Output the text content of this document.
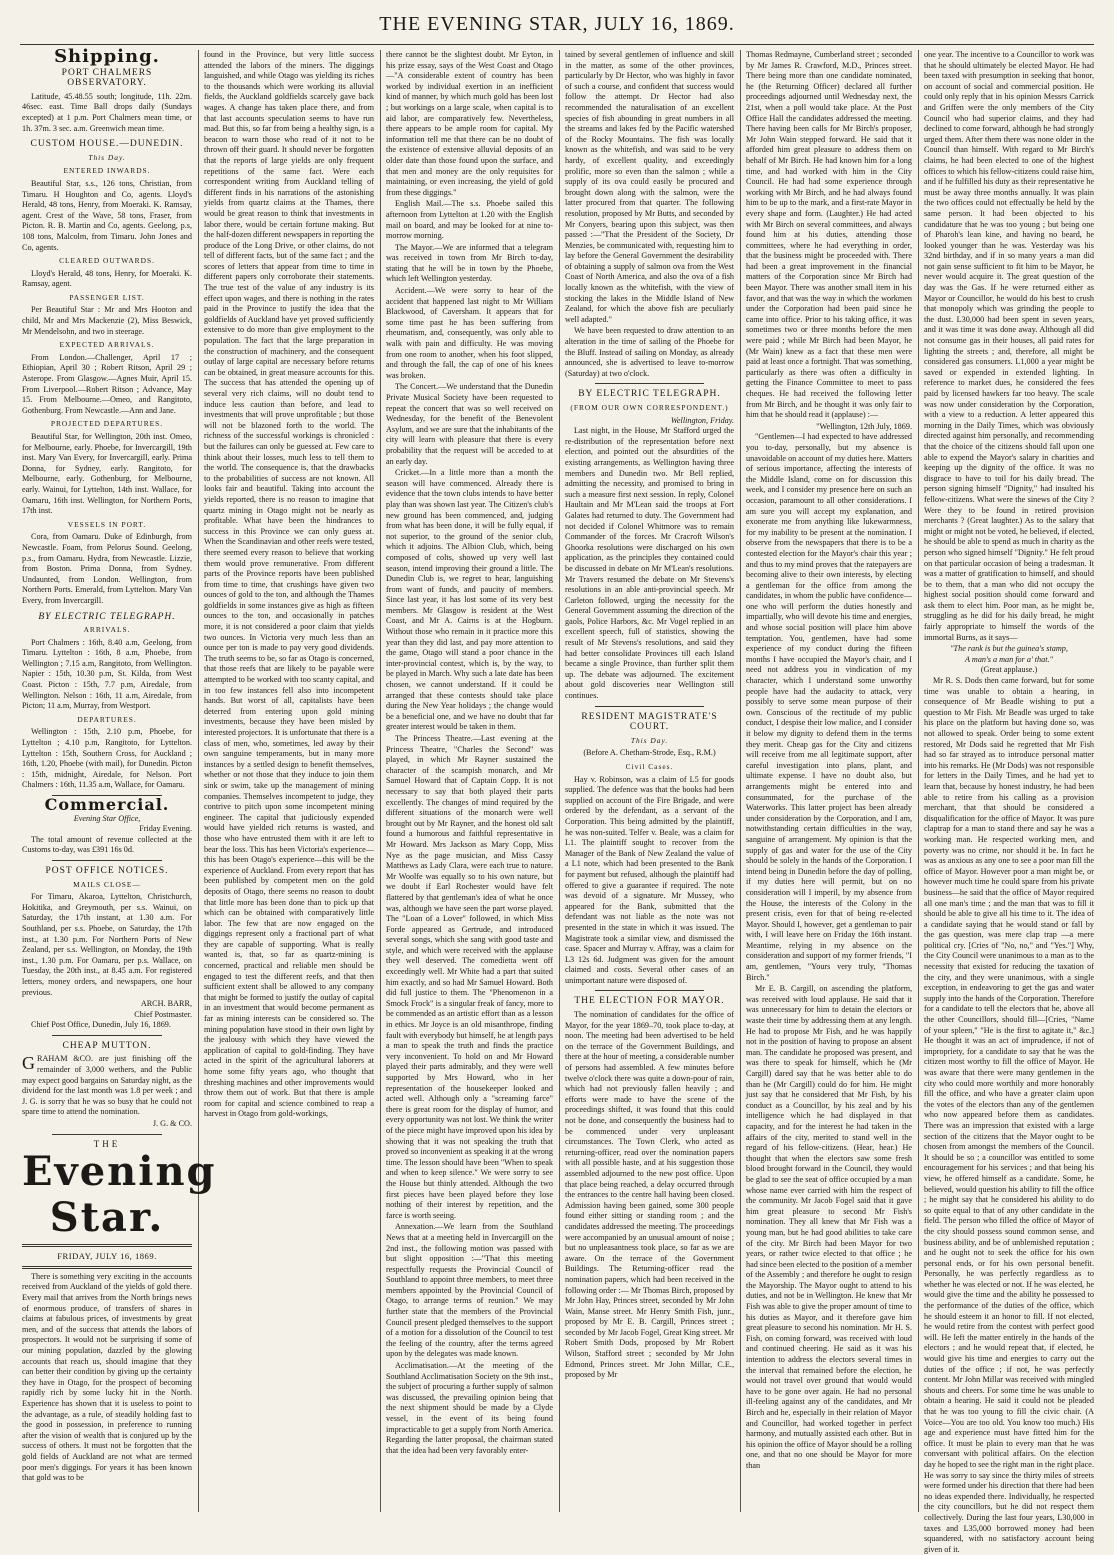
THE EVENING STAR, JULY 16, 1869.
Shipping.
PORT CHALMERS OBSERVATORY.

Latitude, 45.48.55 south; longitude, 11h. 22m. 46sec. east. Time Ball drops daily (Sundays excepted) at 1 p.m. Port Chalmers mean time, or 1h. 37m. 3 sec. a.m. Greenwich mean time.

CUSTOM HOUSE.—DUNEDIN.
This Day.
ENTERED INWARDS.

Beautiful Star, s.s., 126 tons, Christian, from Timaru. H Houghton and Co, agents. Lloyd's Herald, 48 tons, Henry, from Moeraki. K. Ramsay, agent. Crest of the Wave, 58 tons, Fraser, from Picton. R. B. Martin and Co, agents. Geelong, p.s, 108 tons, Malcolm, from Timaru. John Jones and Co, agents.

CLEARED OUTWARDS.

Lloyd's Herald, 48 tons, Henry, for Moeraki. K. Ramsay, agent.

PASSENGER LIST.

Per Beautiful Star : Mr and Mrs Hooton and child, Mr and Mrs Mackenzie (2), Miss Beswick, Mr Mendelsohn, and two in steerage.

EXPECTED ARRIVALS.

From London.—Challenger, April 17 ; Ethiopian, April 30 ; Robert Ritson, April 29 ; Asterope. From Glasgow.—Agnes Muir, April 15. From Liverpool.—Robert Ritson ; Advance, May 15. From Melbourne.—Omeo, and Rangitoto, Gothenburg. From Newcastle.—Ann and Jane.

PROJECTED DEPARTURES.

Beautiful Star, for Wellington, 20th inst. Omeo, for Melbourne, early. Phoebe, for Invercargill, 19th inst. Mary Van Every, for Invercargill, early. Prima Donna, for Sydney, early. Rangitoto, for Melbourne, early. Gothenburg, for Melbourne, early. Wainui, for Lyttelton, 14th inst. Wallace, for Oamaru, 16th inst. Wellington, for Northern Ports, 17th inst.

VESSELS IN PORT.

Cora, from Oamaru. Duke of Edinburgh, from Newcastle. Foam, from Pelorus Sound. Geelong, p.s., from Oamaru. Hydra, from Newcastle. Lizzie, from Boston. Prima Donna, from Sydney. Undaunted, from London. Wellington, from Northern Ports. Emerald, from Lyttelton. Mary Van Every, from Invercargill.

BY ELECTRIC TELEGRAPH.
ARRIVALS.

Port Chalmers : 16th, 8.40 a.m, Geelong, from Timaru. Lyttelton : 16th, 8 a.m, Phoebe, from Wellington ; 7.15 a.m, Rangitoto, from Wellington. Napier : 15th, 10.30 p.m, St. Kilda, from West Coast. Picton : 15th, 7.7 p.m, Airedale, from Wellington. Nelson : 16th, 11 a.m, Airedale, from Picton; 11 a.m, Murray, from Westport.

DEPARTURES.

Wellington : 15th, 2.10 p.m, Phoebe, for Lyttelton ; 4.10 p.m, Rangitoto, for Lyttelton. Lyttelton : 15th, Southern Cross, for Auckland ; 16th, 1.20, Phoebe (with mail), for Dunedin. Picton : 15th, midnight, Airedale, for Nelson. Port Chalmers : 16th, 11.35 a.m, Wallace, for Oamaru.

Commercial.
Evening Star Office,
Friday Evening.

The total amount of revenue collected at the Customs to-day, was £391 16s 0d.

POST OFFICE NOTICES.
MAILS CLOSE—

For Timaru, Akaroa, Lyttelton, Christchurch, Hokitika, and Greymouth, per s.s. Wainui, on Saturday, the 17th instant, at 1.30 a.m. For Southland, per s.s. Phoebe, on Saturday, the 17th inst., at 1.30 p.m. For Northern Ports of New Zealand, per s.s. Wellington, on Monday, the 19th inst., 1.30 p.m. For Oamaru, per p.s. Wallace, on Tuesday, the 20th inst., at 8.45 a.m. For registered letters, money orders, and newspapers, one hour previous.

ARCH. BARR,
Chief Postmaster.

Chief Post Office, Dunedin, July 16, 1869.

CHEAP MUTTON.

GRAHAM &CO. are just finishing off the remainder of 3,000 wethers, and the Public may expect good bargains on Saturday night, as the dividend for the last month was 1.8 per week ; and J. G. is sorry that he was so busy that he could not spare time to attend the nomination.

J. G. & CO.
THE
Evening Star.
FRIDAY, JULY 16, 1869.

There is something very exciting in the accounts received from Auckland of the yields of gold there. Every mail that arrives from the North brings news of enormous produce, of transfers of shares in claims at fabulous prices, of investments by great men, and of the success that attends the labors of prospectors. It would not be surprising if some of our mining population, dazzled by the glowing accounts that reach us, should imagine that they can better their condition by giving up the certainty they have in Otago, for the prospect of becoming rapidly rich by some lucky hit in the North. Experience has shown that it is useless to point to the advantage, as a rule, of steadily holding fast to the good in possession, in preference to running after the vision of wealth that is conjured up by the success of others. It must not be forgotten that the gold fields of Auckland are not what are termed poor men's diggings. For years it has been known that gold was to be

found in the Province, but very little success attended the labors of the miners. The diggings languished, and while Otago was yielding its riches to the thousands which were working its alluvial fields, the Auckland goldfields scarcely gave back wages. A change has taken place there, and from that last accounts speculation seems to have run mad. But this, so far from being a healthy sign, is a beacon to warn those who read of it not to be thrown off their guard. It should never be forgotten that the reports of large yields are only frequent repetitions of the same fact. Were each correspondent writing from Auckland telling of different finds in his narrations of the astonishing yields from quartz claims at the Thames, there would be great reason to think that investments in labor there, would be certain fortune making. But the half-dozen different newspapers in reporting the produce of the Long Drive, or other claims, do not tell of different facts, but of the same fact ; and the scores of letters that appear from time to time in different papers only corroborate their statements. The true test of the value of any industry is its effect upon wages, and there is nothing in the rates paid in the Province to justify the idea that the goldfields of Auckland have yet proved sufficiently extensive to do more than give employment to the population. The fact that the large preparation in the construction of machinery, and the consequent outlay of large capital are necessary before returns can be obtained, in great measure accounts for this. The success that has attended the opening up of several very rich claims, will no doubt tend to induce less caution than before, and lead to investments that will prove unprofitable ; but those will not be blazoned forth to the world. The richness of the successful workings is chronicled : but the failures can only be guessed at. Few care to think about their losses, much less to tell them to the world. The consequence is, that the drawbacks to the probabilities of success are not known. All looks fair and beautiful. Taking into account the yields reported, there is no reason to imagine that quartz mining in Otago might not be nearly as profitable. What have been the hindrances to success in this Province we can only guess at. When the Scandinavian and other reefs were tested, there seemed every reason to believe that working them would prove remunerative. From different parts of the Province reports have been published from time to time, that crushings have given two ounces of gold to the ton, and although the Thames goldfields in some instances give as high as fifteen ounces to the ton, and occasionally in patches more, it is not considered a poor claim that yields two ounces. In Victoria very much less than an ounce per ton is made to pay very good dividends. The truth seems to be, so far as Otago is concerned, that those reefs that are likely to be payable were attempted to be worked with too scanty capital, and in too few instances fell also into incompetent hands. But worst of all, capitalists have been deterred from entering upon gold mining investments, because they have been misled by interested projectors. It is unfortunate that there is a class of men, who, sometimes, led away by their own sanguine temperaments, but in many more instances by a settled design to benefit themselves, whether or not those that they induce to join them sink or swim, take up the management of mining companies. Themselves incompetent to judge, they contrive to pitch upon some incompetent mining engineer. The capital that judiciously expended would have yielded rich returns is wasted, and those who have entrusted them with it are left to bear the loss. This has been Victoria's experience—this has been Otago's experience—this will be the experience of Auckland. From every report that has been published by competent men on the gold deposits of Otago, there seems no reason to doubt that little more has been done than to pick up that which can be obtained with comparatively little labor. The few that are now engaged on the diggings represent only a fractional part of what they are capable of supporting. What is really wanted is, that, so far as quartz-mining is concerned, practical and reliable men should be engaged to test the different reefs, and that then sufficient extent shall be allowed to any company that might be formed to justify the outlay of capital in an investment that would become permanent as far as mining interests can be considered so. The mining population have stood in their own light by the jealousy with which they have viewed the application of capital to gold-finding. They have acted in the spirit of the agricultural laborers at home some fifty years ago, who thought that threshing machines and other improvements would throw them out of work. But that there is ample room for capital and science combined to reap a harvest in Otago from gold-workings,

there cannot be the slightest doubt. Mr Eyton, in his prize essay, says of the West Coast and Otago—"A considerable extent of country has been worked by individual exertion in an inefficient kind of manner, by which much gold has been lost ; but workings on a large scale, when capital is to aid labor, are comparatively few. Nevertheless, there appears to be ample room for capital. My information tell me that there can be no doubt of the existence of extensive alluvial deposits of an older date than those found upon the surface, and that men and money are the only requisites for maintaining, or even increasing, the yield of gold from these diggings."

English Mail.—The s.s. Phoebe sailed this afternoon from Lyttelton at 1.20 with the English mail on board, and may be looked for at nine to-morrow morning.

The Mayor.—We are informed that a telegram was received in town from Mr Birch to-day, stating that he will be in town by the Phoebe, which left Wellington yesterday.

Accident.—We were sorry to hear of the accident that happened last night to Mr William Blackwood, of Caversham. It appears that for some time past he has been suffering from rheumatism, and, consequently, was only able to walk with pain and difficulty. He was moving from one room to another, when his foot slipped, and through the fall, the cap of one of his knees was broken.

The Concert.—We understand that the Dunedin Private Musical Society have been requested to repeat the concert that was so well received on Wednesday, for the benefit of the Benevolent Asylum, and we are sure that the inhabitants of the city will learn with pleasure that there is every probability that the request will be acceded to at an early day.

Cricket.—In a little more than a month the season will have commenced. Already there is evidence that the town clubs intends to have better play than was shown last year. The Citizen's club's new ground has been commenced, and, judging from what has been done, it will be fully equal, if not superior, to the ground of the senior club, which it adjoins. The Albion Club, which, being composed of colts, showed up very well last season, intend improving their ground a little. The Dunedin Club is, we regret to hear, languishing from want of funds, and paucity of members. Since last year, it has lost some of its very best members. Mr Glasgow is resident at the West Coast, and Mr A. Cairns is at the Hogburn. Without those who remain in it practice more this year than they did last, and pay more attention to the game, Otago will stand a poor chance in the inter-provincial contest, which is, by the way, to be played in March. Why such a late date has been chosen, we cannot understand. If it could be arranged that these contests should take place during the New Year holidays ; the change would be a beneficial one, and we have no doubt that far greater interest would be taken in them.

The Princess Theatre.—Last evening at the Princess Theatre, "Charles the Second" was played, in which Mr Rayner sustained the character of the scampish monarch, and Mr Samuel Howard that of Captain Copp. It is not necessary to say that both played their parts excellently. The changes of mind required by the different situations of the monarch were well brought out by Mr Rayner, and the honest old salt found a humorous and faithful representative in Mr Howard. Mrs Jackson as Mary Copp, Miss Nye as the page musician, and Miss Cassy Matthews as Lady Clara, were each true to nature. Mr Woolfe was equally so to his own nature, but we doubt if Earl Rochester would have felt flattered by that gentleman's idea of what he once was, although we have seen the part worse played. The "Loan of a Lover" followed, in which Miss Forde appeared as Gertrude, and introduced several songs, which she sang with good taste and style, and which were received with the applause they well deserved. The comedietta went off exceedingly well. Mr White had a part that suited him exactly, and so had Mr Samuel Howard. Both did full justice to them. The "Phenomenon in a Smock Frock" is a singular freak of fancy, more to be commended as an artistic effort than as a lesson in ethics. Mr Joyce is an old misanthrope, finding fault with everybody but himself, he at length pays a man to speak the truth and finds the practice very inconvenient. To hold on and Mr Howard played their parts admirably, and they were well supported by Mrs Howard, who in her representation of the housekeeper looked and acted well. Although only a "screaming farce" there is great room for the display of humor, and every opportunity was not lost. We think the writer of the piece might have improved upon his idea by showing that it was not speaking the truth that proved so inconvenient as speaking it at the wrong time. The lesson should have been "When to speak and when to keep silence." We were sorry to see the House but thinly attended. Although the two first pieces have been played before they lose nothing of their interest by repetition, and the farce is worth seeing.

Annexation.—We learn from the Southland News that at a meeting held in Invercargill on the 2nd inst., the following motion was passed with but slight opposition :—"That this meeting respectfully requests the Provincial Council of Southland to appoint three members, to meet three members appointed by the Provincial Council of Otago, to arrange terms of reunion." We may further state that the members of the Provincial Council present pledged themselves to the support of a motion for a dissolution of the Council to test the feeling of the country, after the terms agreed upon by the delegates was made known.

Acclimatisation.—At the meeting of the Southland Acclimatisation Society on the 9th inst., the subject of procuring a further supply of salmon was discussed, the prevailing opinion being that the next shipment should be made by a Clyde vessel, in the event of its being found impracticable to get a supply from North America. Regarding the latter proposal, the chairman stated that the idea had been very favorably enter-

tained by several gentlemen of influence and skill in the matter, as some of the other provinces, particularly by Dr Hector, who was highly in favor of such a course, and confident that success would follow the attempt. Dr Hector had also recommended the naturalisation of an excellent species of fish abounding in great numbers in all the streams and lakes fed by the Pacific watershed of the Rocky Mountains. The fish was locally known as the whitefish, and was said to be very hardy, of excellent quality, and exceedingly prolific, more so even than the salmon ; while a supply of its ova could easily be procured and brought down along with the salmon, were the latter procured from that quarter. The following resolution, proposed by Mr Butts, and seconded by Mr Conyers, bearing upon this subject, was then passed :—"That the President of the Society, Dr Menzies, be communicated with, requesting him to lay before the General Government the desirability of obtaining a supply of salmon ova from the West Coast of North America, and also the ova of a fish locally known as the whitefish, with the view of stocking the lakes in the Middle Island of New Zealand, for which the above fish are peculiarly well adapted."

We have been requested to draw attention to an alteration in the time of sailing of the Phoebe for the Bluff. Instead of sailing on Monday, as already announced, she is advertised to leave to-morrow (Saturday) at two o'clock.

BY ELECTRIC TELEGRAPH.
(FROM OUR OWN CORRESPONDENT.)
Wellington, Friday.

Last night, in the House, Mr Stafford urged the re-distribution of the representation before next election, and pointed out the absurdities of the existing arrangements, as Wellington having three members and Dunedin two. Mr Bell replied, admitting the necessity, and promised to bring in such a measure first next session. In reply, Colonel Haultain and Mr M'Lean said the troops at Fort Galates had returned to duty. The Government had not decided if Colonel Whitmore was to remain Commander of the forces. Mr Cracroft Wilson's Ghoorka resolutions were discharged on his own application, as the principles they contained could be discussed in debate on Mr M'Lean's resolutions. Mr Travers resumed the debate on Mr Stevens's resolutions in an able anti-provincial speech. Mr Carleton followed, urging the necessity for the General Government assuming the direction of the gaols, Police Harbors, &c. Mr Vogel replied in an excellent speech, full of statistics, showing the result of Mr Stevens's resolutions, and said they had better consolidate Provinces till each Island became a single Province, than further split them up. The debate was adjourned. The excitement about gold discoveries near Wellington still continues.

RESIDENT MAGISTRATE'S COURT.
This Day.
(Before A. Chetham-Strode, Esq., R.M.)
Civil Cases.

Hay v. Robinson, was a claim of L5 for goods supplied. The defence was that the books had been supplied on account of the Fire Brigade, and were ordered by the defendant, as a servant of the Corporation. This being admitted by the plaintiff, he was non-suited. Telfer v. Beale, was a claim for L1. The plaintiff sought to recover from the Manager of the Bank of New Zealand the value of a L1 note, which had been presented to the Bank for payment but refused, although the plaintiff had offered to give a guarantee if required. The note was devoid of a signature. Mr Mussey, who appeared for the Bank, submitted that the defendant was not liable as the note was not presented in the state in which it was issued. The Magistrate took a similar view, and dismissed the case. Spacer and Murray v. Affray, was a claim for L3 12s 6d. Judgment was given for the amount claimed and costs. Several other cases of an unimportant nature were disposed of.

THE ELECTION FOR MAYOR.

The nomination of candidates for the office of Mayor, for the year 1869–70, took place to-day, at noon. The meeting had been advertised to be held on the terrace of the Government Buildings, and there at the hour of meeting, a considerable number of persons had assembled. A few minutes before twelve o'clock there was quite a down-pour of rain, which had not previously fallen heavily ; and efforts were made to have the scene of the proceedings shifted, it was found that this could not be done, and consequently the business had to be commenced under very unpleasant circumstances. The Town Clerk, who acted as returning-officer, read over the nomination papers with all possible haste, and at his suggestion those assembled adjourned to the new post office. Upon that place being reached, a delay occurred through the entrances to the centre hall having been closed. Admission having been gained, some 300 people found either sitting or standing room ; and the candidates addressed the meeting. The proceedings were accompanied by an unusual amount of noise ; but no unpleasantness took place, so far as we are aware. On the terrace of the Government Buildings. The Returning-officer read the nomination papers, which had been received in the following order :— Mr Thomas Birch, proposed by Mr John Hay, Princes street, seconded by Mr John Wain, Manse street. Mr Henry Smith Fish, junr., proposed by Mr E. B. Cargill, Princes street ; seconded by Mr Jacob Fogel, Great King street. Mr Robert Smith Dods, proposed by Mr Robert Wilson, Stafford street ; seconded by Mr John Edmond, Princes street. Mr John Millar, C.E., proposed by Mr

Thomas Redmayne, Cumberland street ; seconded by Mr James R. Crawford, M.D., Princes street. There being more than one candidate nominated, he (the Returning Officer) declared all further proceedings adjourned until Wednesday next, the 21st, when a poll would take place. At the Post Office Hall the candidates addressed the meeting. There having been calls for Mr Birch's proposer, Mr John Wain stepped forward. He said that it afforded him great pleasure to address them on behalf of Mr Birch. He had known him for a long time, and had worked with him in the City Council. He had had some experience through working with Mr Birch, and he had always found him to be up to the mark, and a first-rate Mayor in every shape and form. (Laughter.) He had acted with Mr Birch on several committees, and always found him at his duties, attending those committees, where he had everything in order, that the business might be proceeded with. There had been a great improvement in the financial matters of the Corporation since Mr Birch had been Mayor. There was another small item in his favor, and that was the way in which the workmen under the Corporation had been paid since he came into office. Prior to his taking office, it was sometimes two or three months before the men were paid ; while Mr Birch had been Mayor, he (Mr Wain) knew as a fact that these men were paid at least once a fortnight. That was something, particularly as there was often a difficulty in getting the Finance Committee to meet to pass cheques. He had received the following letter from Mr Birch, and he thought it was only fair to him that he should read it (applause) :—

"Wellington, 12th July, 1869.

"Gentlemen—I had expected to have addressed you to-day, personally, but my absence is unavoidable on account of my duties here. Matters of serious importance, affecting the interests of the Middle Island, come on for discussion this week, and I consider my presence here on such an occasion, paramount to all other considerations. I am sure you will accept my explanation, and exonerate me from anything like lukewarmness, for my inability to be present at the nomination. I observe from the newspapers that there is to be a contested election for the Mayor's chair this year ; and thus to my mind proves that the ratepayers are becoming alive to their own interests, by electing a gentleman for the office from among the candidates, in whom the public have confidence—one who will perform the duties honestly and impartially, who will devote his time and energies, and whose social position will place him above temptation. You, gentlemen, have had some experience of my conduct during the fifteen months I have occupied the Mayor's chair, and I need not address you in vindication of my character, which I understand some unworthy people have had the audacity to attack, very possibly to serve some mean purpose of their own. Conscious of the rectitude of my public conduct, I despise their low malice, and I consider it below my dignity to defend them in the terms they merit. Cheap gas for the City and citizens will receive from me all legitimate support, after careful investigation into plans, plant, and ultimate expense. I have no doubt also, but arrangements might be entered into and consummated, for the purchase of the Waterworks. This latter project has been already under consideration by the Corporation, and I am, notwithstanding certain difficulties in the way, sanguine of arrangement. My opinion is that the supply of gas and water for the use of the City should be solely in the hands of the Corporation. I intend being in Dunedin before the day of polling, if my duties here will permit, but on no consideration will I imperil, by my absence from the House, the interests of the Colony in the present crisis, even for that of being re-elected Mayor. Should I, however, get a gentleman to pair with, I will leave here on Friday the 16th instant. Meantime, relying in my absence on the consideration and support of my former friends, "I am, gentlemen, "Yours very truly, "Thomas Birch."

Mr E. B. Cargill, on ascending the platform, was received with loud applause. He said that it was unnecessary for him to detain the electors or waste their time by addressing them at any length. He had to propose Mr Fish, and he was happily not in the position of having to propose an absent man. The candidate he proposed was present, and was there to speak for himself, which he (Mr Cargill) dared say that he was better able to do than he (Mr Cargill) could do for him. He might just say that he considered that Mr Fish, by his conduct as a Councillor, by his zeal and by his intelligence which he had displayed in that capacity, and for the interest he had taken in the affairs of the city, merited to stand well in the regard of his fellow-citizens. (Hear, hear.) He thought that when the electors saw some fresh blood brought forward in the Council, they would be glad to see the seat of office occupied by a man whose name ever carried with him the respect of the community. Mr Jacob Fogel said that it gave him great pleasure to second Mr Fish's nomination. They all knew that Mr Fish was a young man, but he had good abilities to take care of the city. Mr Birch had been Mayor for two years, or rather twice elected to that office ; he had since been elected to the position of a member of the Assembly ; and therefore he ought to resign the Mayorship. The Mayor ought to attend to his duties, and not be in Wellington. He knew that Mr Fish was able to give the proper amount of time to his duties as Mayor, and it therefore gave him great pleasure to second his nomination. Mr H. S. Fish, on coming forward, was received with loud and continued cheering. He said as it was his intention to address the electors several times in the interval that remained before the election, he would not travel over ground that would would have to be gone over again. He had no personal ill-feeling against any of the candidates, and Mr Birch and he, especially in their relation of Mayor and Councillor, had worked together in perfect harmony, and mutually assisted each other. But in his opinion the office of Mayor should be a rolling one, and that no one should be Mayor for more than

one year. The incentive to a Councillor to work was that he should ultimately be elected Mayor. He had been taxed with presumption in seeking that honor, on account of social and commercial position. He could only reply that in his opinion Messrs Carrick and Griffen were the only members of the City Council who had superior claims, and they had declined to come forward, although he had strongly urged them. After them there was none older in the Council than himself. With regard to Mr Birch's claims, he had been elected to one of the highest offices to which his fellow-citizens could raise him, and if he fulfilled his duty as their representative he must be away three months annually. It was plain the two offices could not effectually be held by the same person. It had been objected to his candidature that he was too young ; but being one of Pharoh's lean kine, and having no beard, he looked younger than he was. Yesterday was his 32nd birthday, and if in so many years a man did not gain sense sufficient to fit him to be Mayor, he never would acquire it. The great question of the day was the Gas. If he were returned either as Mayor or Councillor, he would do his best to crush that monopoly which was grinding the people to the dust. L30,000 had been spent in seven years, and it was time it was done away. Although all did not consume gas in their houses, all paid rates for lighting the streets ; and, therefore, all might be considered gas consumers. L1,000 a year might be saved or expended in extended lighting. In reference to market dues, he considered the fees paid by licensed hawkers far too heavy. The scale was now under consideration by the Corporation, with a view to a reduction. A letter appeared this morning in the Daily Times, which was obviously directed against him personally, and recommending that the choice of the citizens should fall upon one able to expend the Mayor's salary in charities and keeping up the dignity of the office. It was no disgrace to have to toil for his daily bread. The person signing himself "Dignity," had insulted his fellow-citizens. What were the sinews of the City ? Were they to be found in retired provision merchants ? (Great laughter.) As to the salary that might or might not be voted, he believed, if elected, he should be able to spend as much in charity as the person who signed himself "Dignity." He felt proud on that particular occasion of being a tradesman. It was a matter of gratification to himself, and should be to them, that a man who did not occupy the highest social position should come forward and ask them to elect him. Poor man, as he might be, struggling as he did for his daily bread, he might fairly appropriate to himself the words of the immortal Burns, as it says—

"The rank is but the guinea's stamp,
A man's a man for a' that."
(Great applause.)

Mr R. S. Dods then came forward, but for some time was unable to obtain a hearing, in consequence of Mr Beadle wishing to put a question to Mr Fish. Mr Beadle was urged to take his place on the platform but having done so, was not allowed to speak. Order being to some extent restored, Mr Dods said he regretted that Mr Fish had so far strayed as to introduce personal matter into his remarks. He (Mr Dods) was not responsible for letters in the Daily Times, and he had yet to learn that, because by honest industry, he had been able to retire from his calling as a provision merchant, that that should be considered a disqualification for the office of Mayor. It was pure claptrap for a man to stand there and say he was a working man. He respected working men, and poverty was no crime, nor should it be. In fact he was as anxious as any one to see a poor man fill the office of Mayor. However poor a man might be, or however much time he could spare from his private business—he said that the office of Mayor required all one man's time ; and the man that was to fill it should be able to give all his time to it. The idea of a candidate saying that he would stand or fall by the gas question, was mere clap trap —a mere political cry. [Cries of "No, no," and "Yes."] Why, the City Council were unanimous to a man as to the necessity that existed for reducing the taxation of the city, and they were unanimous, with a single exception, in endeavoring to get the gas and water supply into the hands of the Corporation. Therefore for a candidate to tell the electors that he, above all the other Councillors, should fill—[Cries, "Name of your spleen," "He is the first to agitate it," &c.] He thought it was an act of imprudence, if not of impropriety, for a candidate to say that he was the citizen most worthy to fill the office of Mayor. He was aware that there were many gentlemen in the city who could more worthily and more honorably fill the office, and who have a greater claim upon the votes of the electors than any of the gentlemen who now appeared before them as candidates. There was an impression that existed with a large section of the citizens that the Mayor ought to be chosen from amongst the members of the Council. It should be so ; a councillor was entitled to some encouragement for his services ; and that being his view, he offered himself as a candidate. Some, he believed, would question his ability to fill the office ; he might say that he considered his ability to do so quite equal to that of any other candidate in the field. The person who filled the office of Mayor of the city should possess sound common sense, and business ability, and be of unblemished reputation ; and he ought not to seek the office for his own personal ends, or for his own personal benefit. Personally, he was perfectly regardless as to whether he was elected or not. If he was elected, he would give the time and the ability he possessed to the performance of the duties of the office, which he should esteem it an honor to fill. If not elected, he would retire from the contest with perfect good will. He left the matter entirely in the hands of the electors ; and he would repeat that, if elected, he would give his time and energies to carry out the duties of the office ; if not, he was perfectly content. Mr John Millar was received with mingled shouts and cheers. For some time he was unable to obtain a hearing. He said it could not be pleaded that he was too young to fill the civic chair. (A Voice—You are too old. You know too much.) His age and experience must have fitted him for the office. It must be plain to every man that he was conversant with political affairs. On the election day he hoped to see the right man in the right place. He was sorry to say since the thirty miles of streets were formed under his direction that there had been no ideas expended there. Individually, he respected the city councillors, but he did not respect them collectively. During the last four years, L30,000 in taxes and L35,000 borrowed money had been squandered, with no satisfactory account being given of it.
